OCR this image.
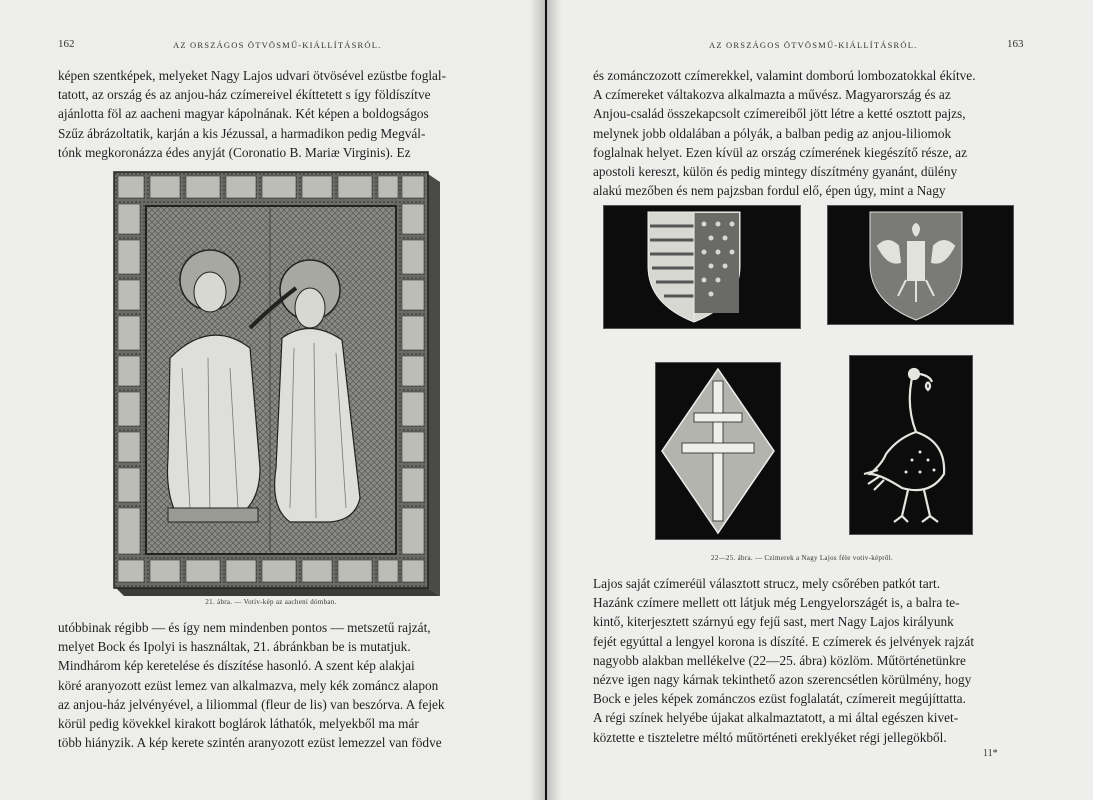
162	AZ ORSZÁGOS ÖTVÖSMŰ-KIÁLLÍTÁSRÓL.

képen szentképek, melyeket Nagy Lajos udvari ötvösével ezüstbe foglal-

tatott, az ország és az anjou-ház czímereivel ékíttetett s így földíszítve

ajánlotta föl az aacheni magyar kápolnának. Két képen a boldogságos

Szűz ábrázoltatik, karján a kis Jézussal, a harmadikon pedig Megvál-

tónk megkoronázza édes anyját (Coronatio B. Mariæ Virginis). Ez

21. ábra. — Votiv-kép az aacheni dómban.

utóbbinak régibb — és így nem mindenben pontos — metszetű rajzát,

melyet Bock és Ipolyi is használtak, 21. ábránkban be is mutatjuk.

Mindhárom kép keretelése és díszítése hasonló. A szent kép alakjai

köré aranyozott ezüst lemez van alkalmazva, mely kék zománcz alapon

az anjou-ház jelvényével, a liliommal (fleur de lis) van beszórva. A fejek

körül pedig kövekkel kirakott boglárok láthatók, melyekből ma már

több hiányzik. A kép kerete szintén aranyozott ezüst lemezzel van födve

AZ ORSZÁGOS ÖTVÖSMŰ-KIÁLLÍTÁSRÓL.	163

és zománczozott czímerekkel, valamint domború lombozatokkal ékítve.

A czímereket váltakozva alkalmazta a művész. Magyarország és az

Anjou-család összekapcsolt czímereiből jött létre a ketté osztott pajzs,

melynek jobb oldalában a pólyák, a balban pedig az anjou-liliomok

foglalnak helyet. Ezen kívül az ország czímerének kiegészítő része, az

apostoli kereszt, külön és pedig mintegy díszítmény gyanánt, dülény

alakú mezőben és nem pajzsban fordul elő, épen úgy, mint a Nagy

22—25. ábra. — Czímerek a Nagy Lajos féle votiv-képről.

Lajos saját czímeréül választott strucz, mely csőrében patkót tart.

Hazánk czímere mellett ott látjuk még Lengyelországét is, a balra te-

kintő, kiterjesztett szárnyú egy fejű sast, mert Nagy Lajos királyunk

fejét egyúttal a lengyel korona is díszíté. E czímerek és jelvények rajzát

nagyobb alakban mellékelve (22—25. ábra) közlöm. Műtörténetünkre

nézve igen nagy kárnak tekinthető azon szerencsétlen körülmény, hogy

Bock e jeles képek zománczos ezüst foglalatát, czímereit megújíttatta.

A régi színek helyébe újakat alkalmaztatott, a mi által egészen kivet-

köztette e tiszteletre méltó műtörténeti ereklyéket régi jellegökből.

11*
